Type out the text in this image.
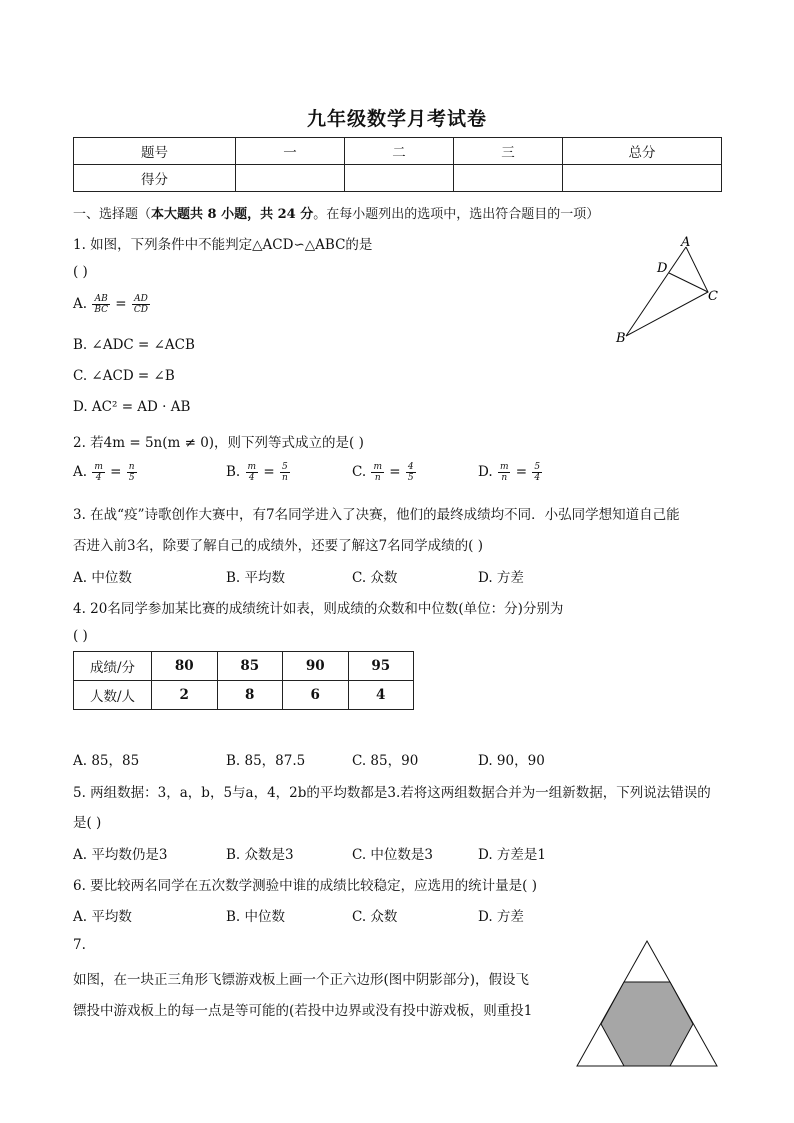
九年级数学月考试卷
题号	一	二	三	总分
得分				
一、选择题（本大题共 8 小题，共 24 分。在每小题列出的选项中，选出符合题目的一项）
1. 如图，下列条件中不能判定△ACD∽△ABC的是
( )
A. $\frac{AB}{BC} = \frac{AD}{CD}$
B. ∠ADC = ∠ACB
C. ∠ACD = ∠B
D. AC² = AD · AB
A
D
C
B
2. 若4m = 5n(m ≠ 0)，则下列等式成立的是( )
A. $\frac{m}{4} = \frac{n}{5}$	B. $\frac{m}{4} = \frac{5}{n}$	C. $\frac{m}{n} = \frac{4}{5}$	D. $\frac{m}{n} = \frac{5}{4}$
3. 在战“疫”诗歌创作大赛中，有7名同学进入了决赛，他们的最终成绩均不同．小弘同学想知道自己能
否进入前3名，除要了解自己的成绩外，还要了解这7名同学成绩的( )
A. 中位数	B. 平均数	C. 众数	D. 方差
4. 20名同学参加某比赛的成绩统计如表，则成绩的众数和中位数(单位：分)分别为
( )
成绩/分	80	85	90	95
人数/人	2	8	6	4
A. 85，85	B. 85，87.5	C. 85，90	D. 90，90
5. 两组数据：3，a，b，5与a，4，2b的平均数都是3.若将这两组数据合并为一组新数据，下列说法错误的
是( )
A. 平均数仍是3	B. 众数是3	C. 中位数是3	D. 方差是1
6. 要比较两名同学在五次数学测验中谁的成绩比较稳定，应选用的统计量是( )
A. 平均数	B. 中位数	C. 众数	D. 方差
7.
如图，在一块正三角形飞镖游戏板上画一个正六边形(图中阴影部分)，假设飞
镖投中游戏板上的每一点是等可能的(若投中边界或没有投中游戏板，则重投1
